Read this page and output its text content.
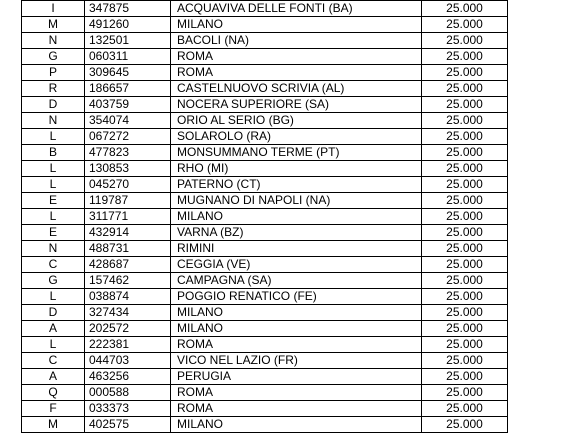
I	347875	ACQUAVIVA DELLE FONTI (BA)	25.000
M	491260	MILANO	25.000
N	132501	BACOLI (NA)	25.000
G	060311	ROMA	25.000
P	309645	ROMA	25.000
R	186657	CASTELNUOVO SCRIVIA (AL)	25.000
D	403759	NOCERA SUPERIORE (SA)	25.000
N	354074	ORIO AL SERIO (BG)	25.000
L	067272	SOLAROLO (RA)	25.000
B	477823	MONSUMMANO TERME (PT)	25.000
L	130853	RHO (MI)	25.000
L	045270	PATERNO (CT)	25.000
E	119787	MUGNANO DI NAPOLI (NA)	25.000
L	311771	MILANO	25.000
E	432914	VARNA (BZ)	25.000
N	488731	RIMINI	25.000
C	428687	CEGGIA (VE)	25.000
G	157462	CAMPAGNA (SA)	25.000
L	038874	POGGIO RENATICO (FE)	25.000
D	327434	MILANO	25.000
A	202572	MILANO	25.000
L	222381	ROMA	25.000
C	044703	VICO NEL LAZIO (FR)	25.000
A	463256	PERUGIA	25.000
Q	000588	ROMA	25.000
F	033373	ROMA	25.000
M	402575	MILANO	25.000
